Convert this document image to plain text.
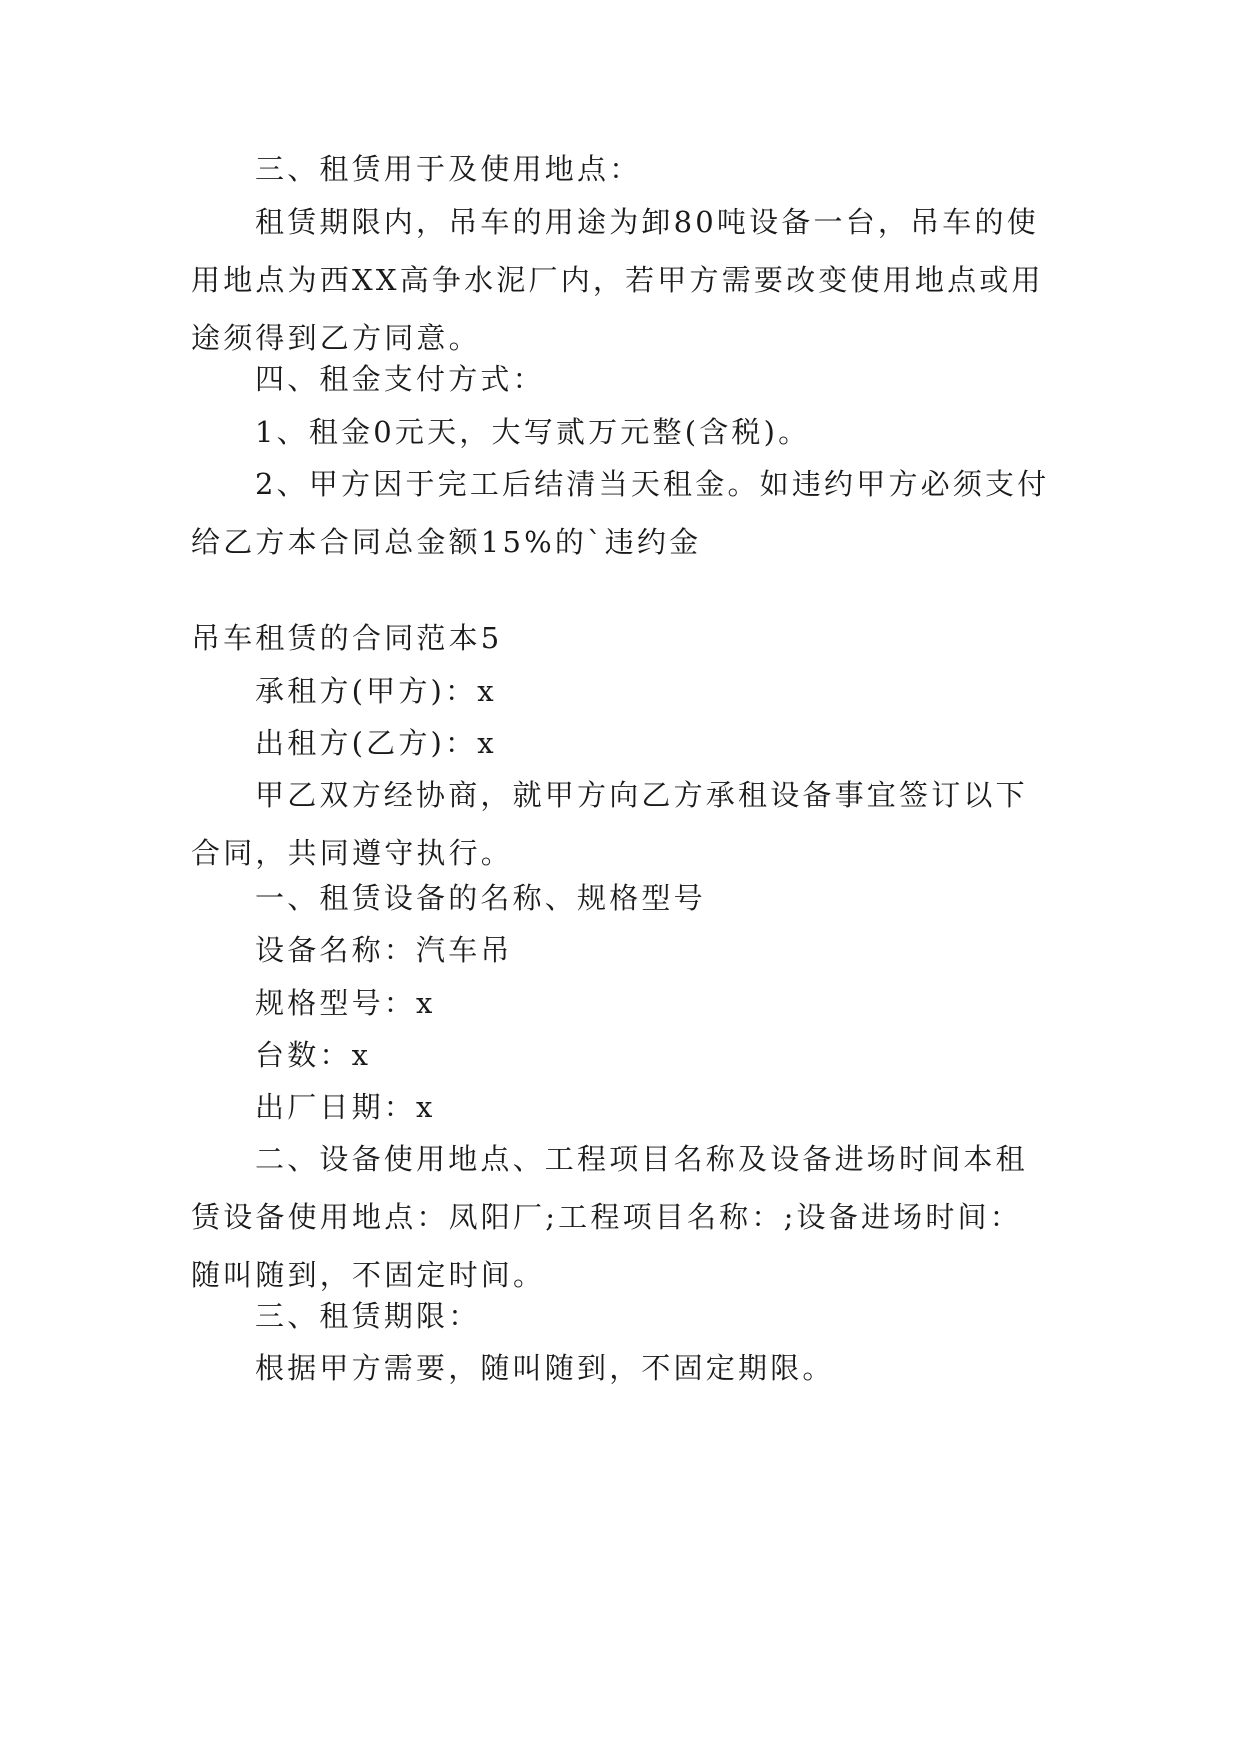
三、租赁用于及使用地点：

租赁期限内，吊车的用途为卸80吨设备一台，吊车的使用地点为西XX高争水泥厂内，若甲方需要改变使用地点或用途须得到乙方同意。

四、租金支付方式：

1、租金0元天，大写贰万元整(含税)。

2、甲方因于完工后结清当天租金。如违约甲方必须支付给乙方本合同总金额15%的`违约金

吊车租赁的合同范本5

承租方(甲方)：x

出租方(乙方)：x

甲乙双方经协商，就甲方向乙方承租设备事宜签订以下合同，共同遵守执行。

一、租赁设备的名称、规格型号

设备名称：汽车吊

规格型号：x

台数：x

出厂日期：x

二、设备使用地点、工程项目名称及设备进场时间本租赁设备使用地点：凤阳厂;工程项目名称：;设备进场时间：随叫随到，不固定时间。

三、租赁期限：

根据甲方需要，随叫随到，不固定期限。
